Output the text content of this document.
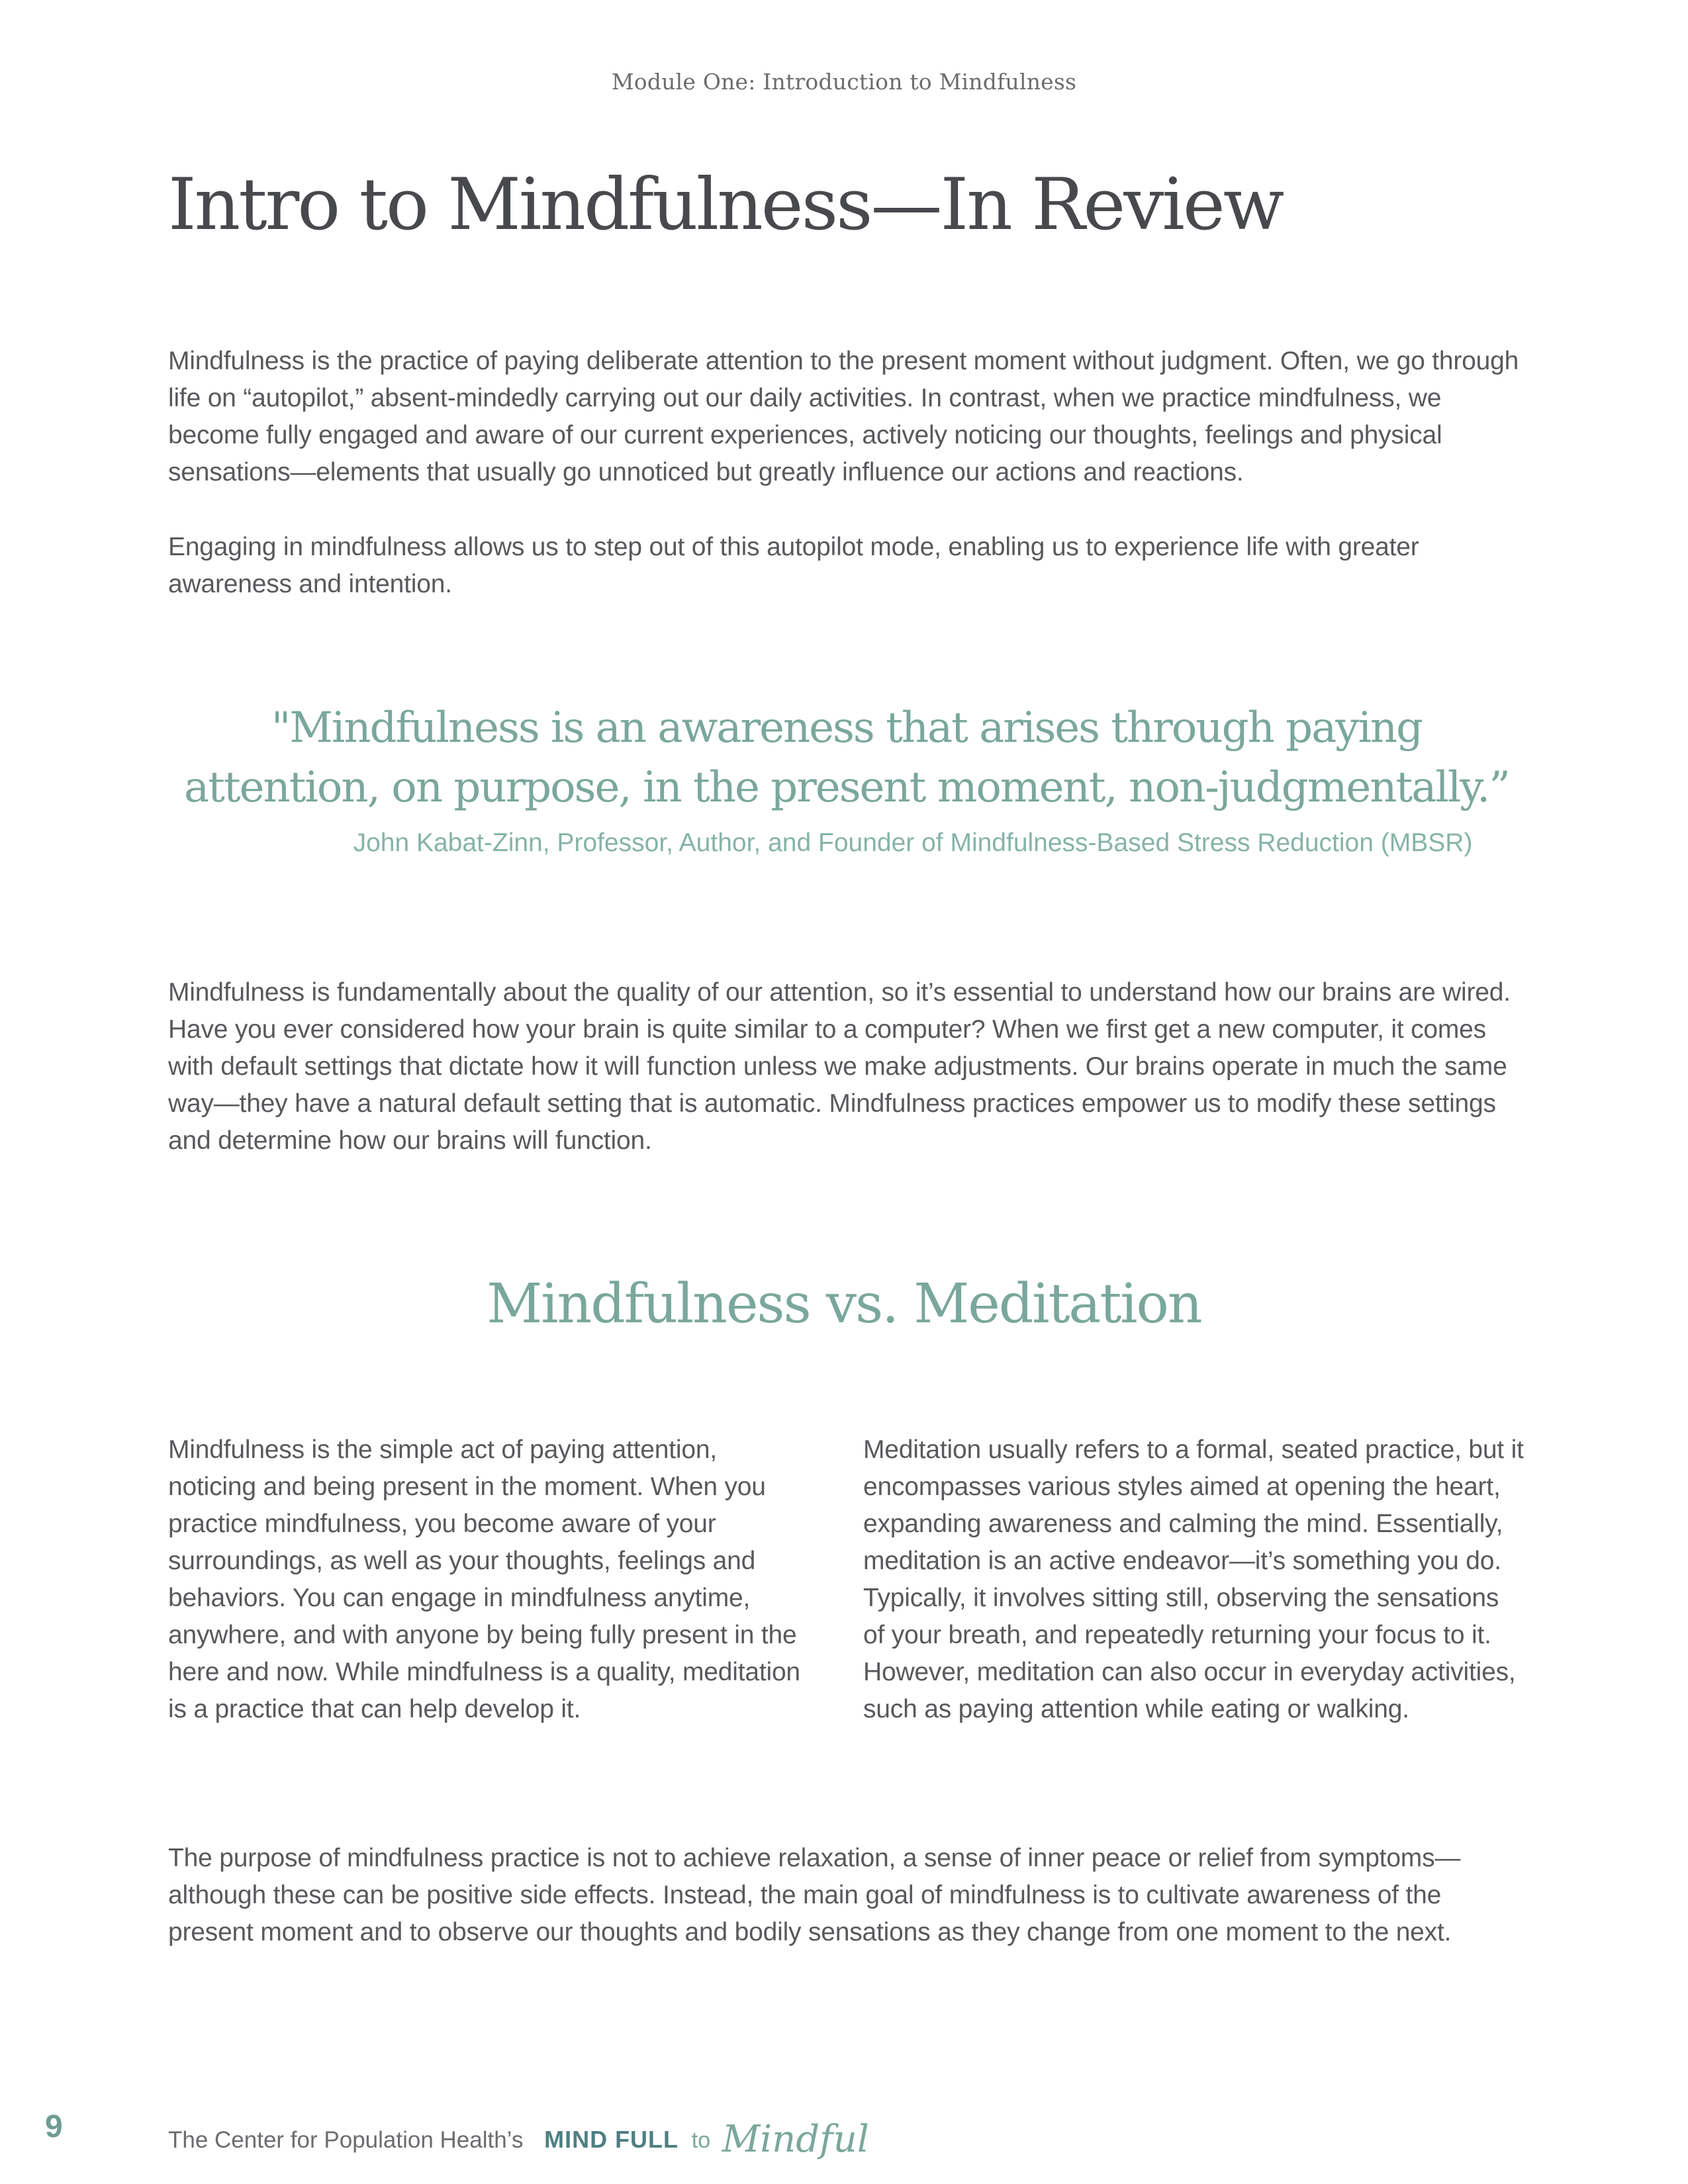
Module One: Introduction to Mindfulness
Intro to Mindfulness—In Review

Mindfulness is the practice of paying deliberate attention to the present moment without judgment. Often, we go through life on “autopilot,” absent-mindedly carrying out our daily activities. In contrast, when we practice mindfulness, we become fully engaged and aware of our current experiences, actively noticing our thoughts, feelings and physical sensations—elements that usually go unnoticed but greatly influence our actions and reactions.

Engaging in mindfulness allows us to step out of this autopilot mode, enabling us to experience life with greater awareness and intention.

"Mindfulness is an awareness that arises through paying attention, on purpose, in the present moment, non-judgmentally.”
John Kabat-Zinn, Professor, Author, and Founder of Mindfulness-Based Stress Reduction (MBSR)

Mindfulness is fundamentally about the quality of our attention, so it’s essential to understand how our brains are wired. Have you ever considered how your brain is quite similar to a computer? When we first get a new computer, it comes with default settings that dictate how it will function unless we make adjustments. Our brains operate in much the same way—they have a natural default setting that is automatic. Mindfulness practices empower us to modify these settings and determine how our brains will function.

Mindfulness vs. Meditation

Mindfulness is the simple act of paying attention, noticing and being present in the moment. When you practice mindfulness, you become aware of your surroundings, as well as your thoughts, feelings and behaviors. You can engage in mindfulness anytime, anywhere, and with anyone by being fully present in the here and now. While mindfulness is a quality, meditation is a practice that can help develop it.

Meditation usually refers to a formal, seated practice, but it encompasses various styles aimed at opening the heart, expanding awareness and calming the mind. Essentially, meditation is an active endeavor—it’s something you do. Typically, it involves sitting still, observing the sensations of your breath, and repeatedly returning your focus to it. However, meditation can also occur in everyday activities, such as paying attention while eating or walking.

The purpose of mindfulness practice is not to achieve relaxation, a sense of inner peace or relief from symptoms—although these can be positive side effects. Instead, the main goal of mindfulness is to cultivate awareness of the present moment and to observe our thoughts and bodily sensations as they change from one moment to the next.

9	The Center for Population Health’s MIND FULL to Mindful
